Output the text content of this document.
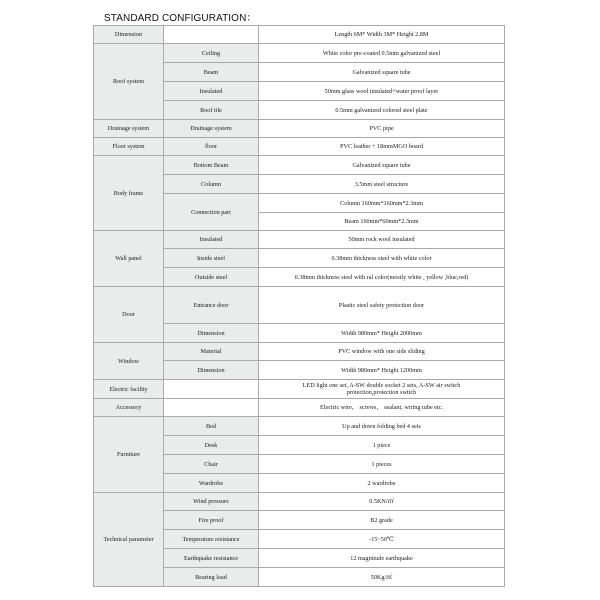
STANDARD CONFIGURATION：
Dimension		Length 6M* Width 3M* Height 2.8M
Roof system	Ceiling	White color pre-coated 0.5mm galvanized steel
	Beam	Galvanized square tube
	Insulated	50mm glass wool insulated+water proof layer
	Roof tile	0.5mm galvanized colored steel plate
Drainage system	Drainage system	PVC pipe
Floor system	floor	PVC leather + 18mmMGO board
Body frame	Bottom Beam	Galvanized square tube
	Column	3.5mm steel structure
	Connection part	Column 160mm*160mm*2.3mm
		Beam 160mm*60mm*2.3mm
Wall panel	Insulated	50mm rock wool insulated
	Inside steel	0.38mm thickness steel with white color
	Outside steel	0.38mm thickness steel with ral color(mostly white , yellow ,blue,red)
Door	Entrance door	Plastic steel safety protection door
	Dimension	Width 980mm* Height 2000mm
Window	Material	PVC window with one side sliding
	Dimension	Width 980mm* Height 1200mm
Electric facility		LED light one set, A-SW double socket 2 sets, A-SW air switch
protection,protection switch

Accessory		Electric wire， screws， sealant, wiring tube etc.
Furniture	Bed	Up and down folding bed 4 sets
	Desk	1 piece
	Chair	1 pieces
	Wardrobe	2 wardrobe
Technical parameter	Wind pressure	0.5KN/㎡
	Fire proof	B2 grade
	Temperature resistance	-15~50℃
	Earthquake resistance	12 magnitude earthquake
	Bearing load	50Kg/㎡
